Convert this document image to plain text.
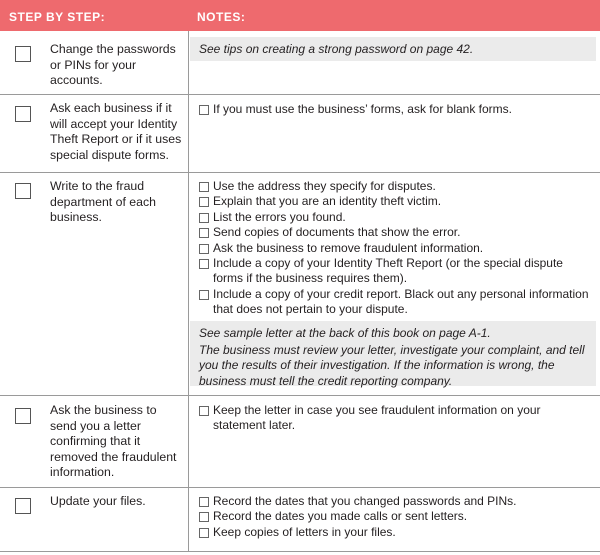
STEP BY STEP:	NOTES:
Change the passwords or PINs for your accounts.
See tips on creating a strong password on page 42.
Ask each business if it will accept your Identity Theft Report or if it uses special dispute forms.
If you must use the business’ forms, ask for blank forms.
Write to the fraud department of each business.
Use the address they specify for disputes.
Explain that you are an identity theft victim.
List the errors you found.
Send copies of documents that show the error.
Ask the business to remove fraudulent information.
Include a copy of your Identity Theft Report (or the special dispute forms if the business requires them).
Include a copy of your credit report. Black out any personal information that does not pertain to your dispute.
See sample letter at the back of this book on page A-1.
The business must review your letter, investigate your complaint, and tell you the results of their investigation. If the information is wrong, the business must tell the credit reporting company.
Ask the business to send you a letter confirming that it removed the fraudulent information.
Keep the letter in case you see fraudulent information on your statement later.
Update your files.	Record the dates that you changed passwords and PINs.
Record the dates you made calls or sent letters.
Keep copies of letters in your files.
